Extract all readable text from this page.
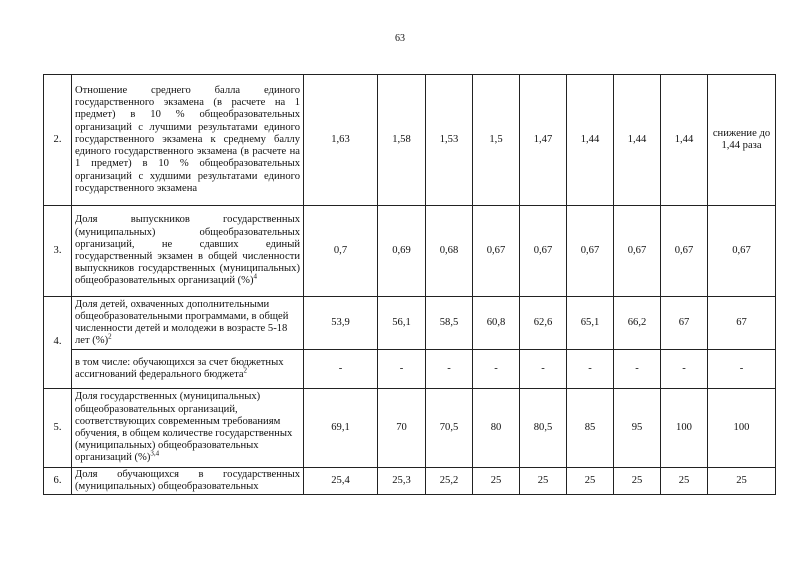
63
2.	Отношение среднего балла единого государственного экзамена (в расчете на 1 предмет) в 10 % общеобразовательных организаций с лучшими результатами единого государственного экзамена к среднему баллу единого государственного экзамена (в расчете на 1 предмет) в 10 % общеобразовательных организаций с худшими результатами единого государственного экзамена	1,63	1,58	1,53	1,5	1,47	1,44	1,44	1,44	снижение до 1,44 раза
3.	Доля выпускников государственных (муниципальных) общеобразовательных организаций, не сдавших единый государственный экзамен в общей численности выпускников государственных (муниципальных) общеобразовательных организаций (%)$^4$	0,7	0,69	0,68	0,67	0,67	0,67	0,67	0,67	0,67
4.	Доля детей, охваченных дополнительными общеобразовательными программами, в общей численности детей и молодежи в возрасте 5-18 лет (%)$^2$	53,9	56,1	58,5	60,8	62,6	65,1	66,2	67	67
	в том числе: обучающихся за счет бюджетных ассигнований федерального бюджета$^2$	-	-	-	-	-	-	-	-	-
5.	Доля государственных (муниципальных) общеобразовательных организаций, соответствующих современным требованиям обучения, в общем количестве государственных (муниципальных) общеобразовательных организаций (%)$^{3,4}$	69,1	70	70,5	80	80,5	85	95	100	100
6.	Доля обучающихся в государственных (муниципальных) общеобразовательных	25,4	25,3	25,2	25	25	25	25	25	25
